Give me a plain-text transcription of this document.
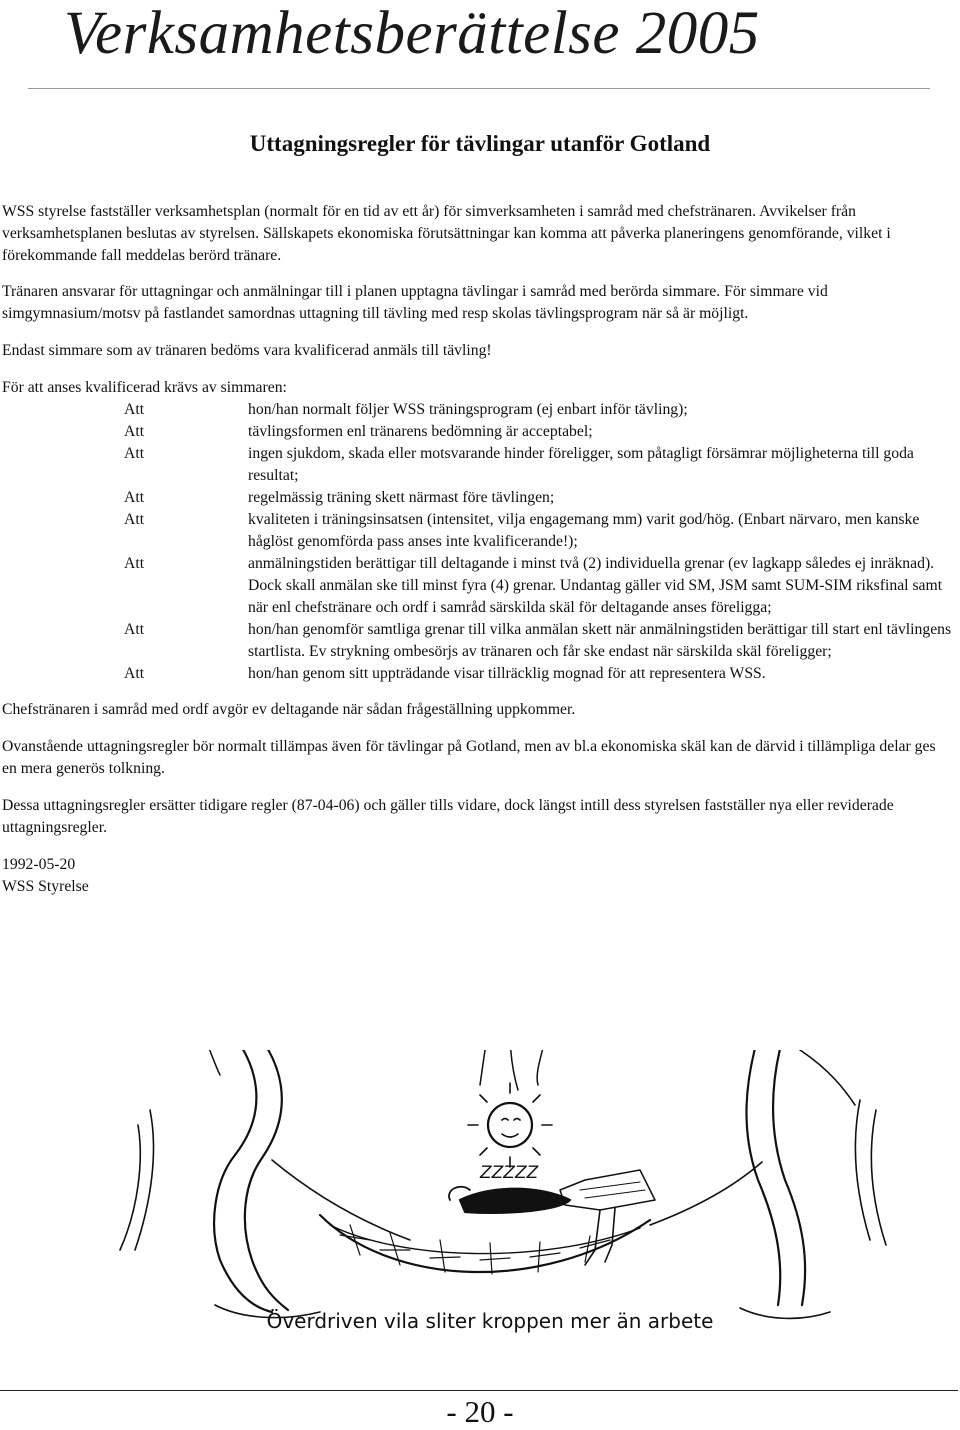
Verksamhetsberättelse 2005
Uttagningsregler för tävlingar utanför Gotland

WSS styrelse fastställer verksamhetsplan (normalt för en tid av ett år) för simverksamheten i samråd med chefstränaren. Avvikelser från verksamhetsplanen beslutas av styrelsen. Sällskapets ekonomiska förutsättningar kan komma att påverka planeringens genomförande, vilket i förekommande fall meddelas berörd tränare.

Tränaren ansvarar för uttagningar och anmälningar till i planen upptagna tävlingar i samråd med berörda simmare. För simmare vid simgymnasium/motsv på fastlandet samordnas uttagning till tävling med resp skolas tävlingsprogram när så är möjligt.

Endast simmare som av tränaren bedöms vara kvalificerad anmäls till tävling!

För att anses kvalificerad krävs av simmaren:

Att	hon/han normalt följer WSS träningsprogram (ej enbart inför tävling);
Att	tävlingsformen enl tränarens bedömning är acceptabel;
Att	ingen sjukdom, skada eller motsvarande hinder föreligger, som påtagligt försämrar möjligheterna till goda resultat;
Att	regelmässig träning skett närmast före tävlingen;
Att	kvaliteten i träningsinsatsen (intensitet, vilja engagemang mm) varit god/hög. (Enbart närvaro, men kanske håglöst genomförda pass anses inte kvalificerande!);
Att	anmälningstiden berättigar till deltagande i minst två (2) individuella grenar (ev lagkapp således ej inräknad). Dock skall anmälan ske till minst fyra (4) grenar. Undantag gäller vid SM, JSM samt SUM-SIM riksfinal samt när enl chefstränare och ordf i samråd särskilda skäl för deltagande anses föreligga;
Att	hon/han genomför samtliga grenar till vilka anmälan skett när anmälningstiden berättigar till start enl tävlingens startlista. Ev strykning ombesörjs av tränaren och får ske endast när särskilda skäl föreligger;
Att	hon/han genom sitt uppträdande visar tillräcklig mognad för att representera WSS.

Chefstränaren i samråd med ordf avgör ev deltagande när sådan frågeställning uppkommer.

Ovanstående uttagningsregler bör normalt tillämpas även för tävlingar på Gotland, men av bl.a ekonomiska skäl kan de därvid i tillämpliga delar ges en mera generös tolkning.

Dessa uttagningsregler ersätter tidigare regler (87-04-06) och gäller tills vidare, dock längst intill dess styrelsen fastställer nya eller reviderade uttagningsregler.

1992-05-20
WSS Styrelse
ZZZZZ
Överdriven vila sliter kroppen mer än arbete
- 20 -
